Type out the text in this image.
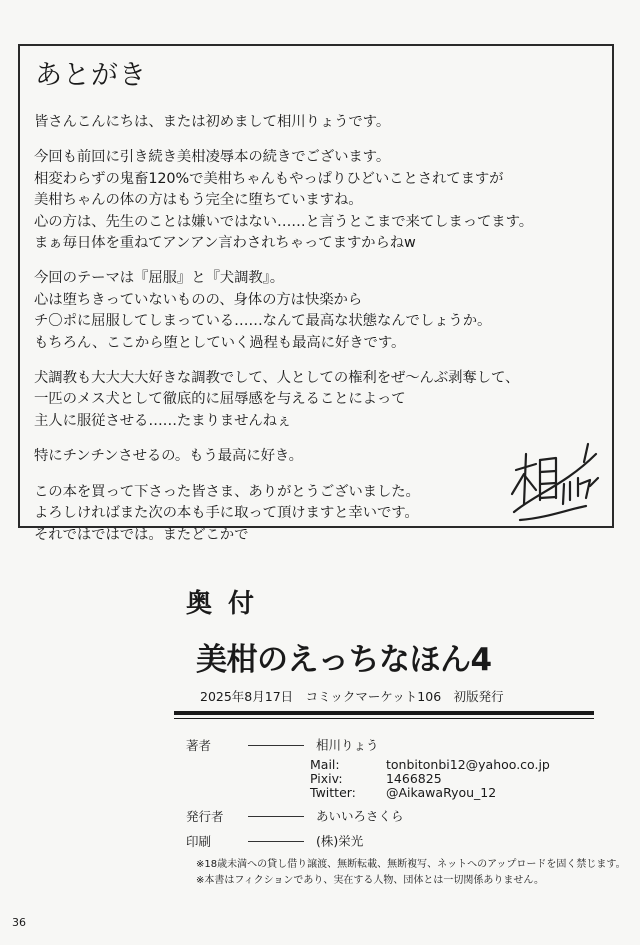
あとがき

皆さんこんにちは、または初めまして相川りょうです。

今回も前回に引き続き美柑凌辱本の続きでございます。
相変わらずの鬼畜120%で美柑ちゃんもやっぱりひどいことされてますが
美柑ちゃんの体の方はもう完全に堕ちていますね。
心の方は、先生のことは嫌いではない……と言うとこまで来てしまってます。
まぁ毎日体を重ねてアンアン言わされちゃってますからねw

今回のテーマは『屈服』と『犬調教』。
心は堕ちきっていないものの、身体の方は快楽から
チ〇ポに屈服してしまっている……なんて最高な状態なんでしょうか。
もちろん、ここから堕としていく過程も最高に好きです。

犬調教も大大大大好きな調教でして、人としての権利をぜ〜んぶ剥奪して、
一匹のメス犬として徹底的に屈辱感を与えることによって
主人に服従させる……たまりませんねぇ

特にチンチンさせるの。もう最高に好き。

この本を買って下さった皆さま、ありがとうございました。
よろしければまた次の本も手に取って頂けますと幸いです。
それではではでは。またどこかで

奥付
美柑のえっちなほん4
2025年8月17日　コミックマーケット106　初版発行
著者	相川りょう
Mail:	tonbitonbi12@yahoo.co.jp
Pixiv:	1466825
Twitter: @AikawaRyou_12
発行者	あいいろさくら
印刷	(株)栄光
※18歳未満への貸し借り譲渡、無断転載、無断複写、ネットへのアップロードを固く禁じます。
※本書はフィクションであり、実在する人物、団体とは一切関係ありません。
36
